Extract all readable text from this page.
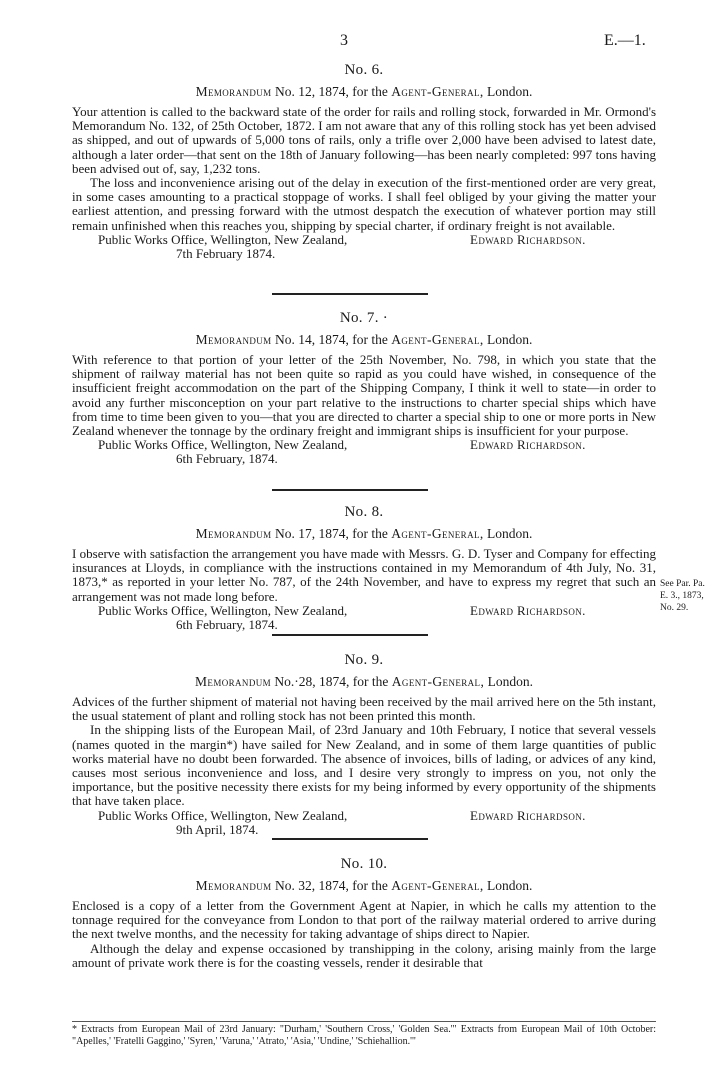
3	E.—1.

No. 6.

Memorandum No. 12, 1874, for the Agent-General, London.

Your attention is called to the backward state of the order for rails and rolling stock, forwarded in Mr. Ormond's Memorandum No. 132, of 25th October, 1872. I am not aware that any of this rolling stock has yet been advised as shipped, and out of upwards of 5,000 tons of rails, only a trifle over 2,000 have been advised to latest date, although a later order—that sent on the 18th of January following—has been nearly completed: 997 tons having been advised out of, say, 1,232 tons.

The loss and inconvenience arising out of the delay in execution of the first-mentioned order are very great, in some cases amounting to a practical stoppage of works. I shall feel obliged by your giving the matter your earliest attention, and pressing forward with the utmost despatch the execution of whatever portion may still remain unfinished when this reaches you, shipping by special charter, if ordinary freight is not available.

Public Works Office, Wellington, New Zealand,	Edward Richardson.

7th February 1874.

No. 7. ·

Memorandum No. 14, 1874, for the Agent-General, London.

With reference to that portion of your letter of the 25th November, No. 798, in which you state that the shipment of railway material has not been quite so rapid as you could have wished, in consequence of the insufficient freight accommodation on the part of the Shipping Company, I think it well to state—in order to avoid any further misconception on your part relative to the instructions to charter special ships which have from time to time been given to you—that you are directed to charter a special ship to one or more ports in New Zealand whenever the tonnage by the ordinary freight and immigrant ships is insufficient for your purpose.

Public Works Office, Wellington, New Zealand,	Edward Richardson.

6th February, 1874.

No. 8.

Memorandum No. 17, 1874, for the Agent-General, London.

I observe with satisfaction the arrangement you have made with Messrs. G. D. Tyser and Company for effecting insurances at Lloyds, in compliance with the instructions contained in my Memorandum of 4th July, No. 31, 1873,* as reported in your letter No. 787, of the 24th November, and have to express my regret that such an arrangement was not made long before.

Public Works Office, Wellington, New Zealand,	Edward Richardson.

6th February, 1874.

See Par. Pa.
E. 3., 1873,
No. 29.

No. 9.

Memorandum No.·28, 1874, for the Agent-General, London.

Advices of the further shipment of material not having been received by the mail arrived here on the 5th instant, the usual statement of plant and rolling stock has not been printed this month.

In the shipping lists of the European Mail, of 23rd January and 10th February, I notice that several vessels (names quoted in the margin*) have sailed for New Zealand, and in some of them large quantities of public works material have no doubt been forwarded. The absence of invoices, bills of lading, or advices of any kind, causes most serious inconvenience and loss, and I desire very strongly to impress on you, not only the importance, but the positive necessity there exists for my being informed by every opportunity of the shipments that have taken place.

Public Works Office, Wellington, New Zealand,	Edward Richardson.

9th April, 1874.

No. 10.

Memorandum No. 32, 1874, for the Agent-General, London.

Enclosed is a copy of a letter from the Government Agent at Napier, in which he calls my attention to the tonnage required for the conveyance from London to that port of the railway material ordered to arrive during the next twelve months, and the necessity for taking advantage of ships direct to Napier.

Although the delay and expense occasioned by transhipping in the colony, arising mainly from the large amount of private work there is for the coasting vessels, render it desirable that

* Extracts from European Mail of 23rd January: "Durham,' 'Southern Cross,' 'Golden Sea.'" Extracts from European Mail of 10th October: "Apelles,' 'Fratelli Gaggino,' 'Syren,' 'Varuna,' 'Atrato,' 'Asia,' 'Undine,' 'Schiehallion.'"
